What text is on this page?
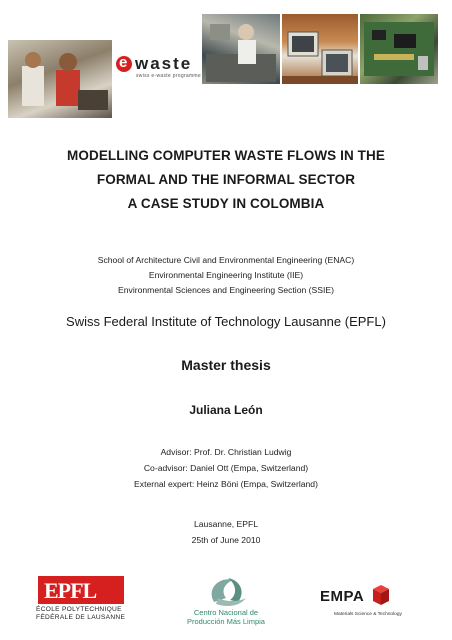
e
waste
swiss e-waste programme
MODELLING COMPUTER WASTE FLOWS IN THE
FORMAL AND THE INFORMAL SECTOR
A CASE STUDY IN COLOMBIA
School of Architecture Civil and Environmental Engineering (ENAC)
Environmental Engineering Institute (IIE)
Environmental Sciences and Engineering Section (SSIE)
Swiss Federal Institute of Technology Lausanne (EPFL)
Master thesis
Juliana León
Advisor: Prof. Dr. Christian Ludwig
Co-advisor: Daniel Ott (Empa, Switzerland)
External expert: Heinz Böni (Empa, Switzerland)
Lausanne, EPFL
25th of June 2010
EPFL
ÉCOLE POLYTECHNIQUE
FÉDÉRALE DE LAUSANNE
Centro Nacional de
Producción Más Limpia
EMPA
Materials Science & Technology
